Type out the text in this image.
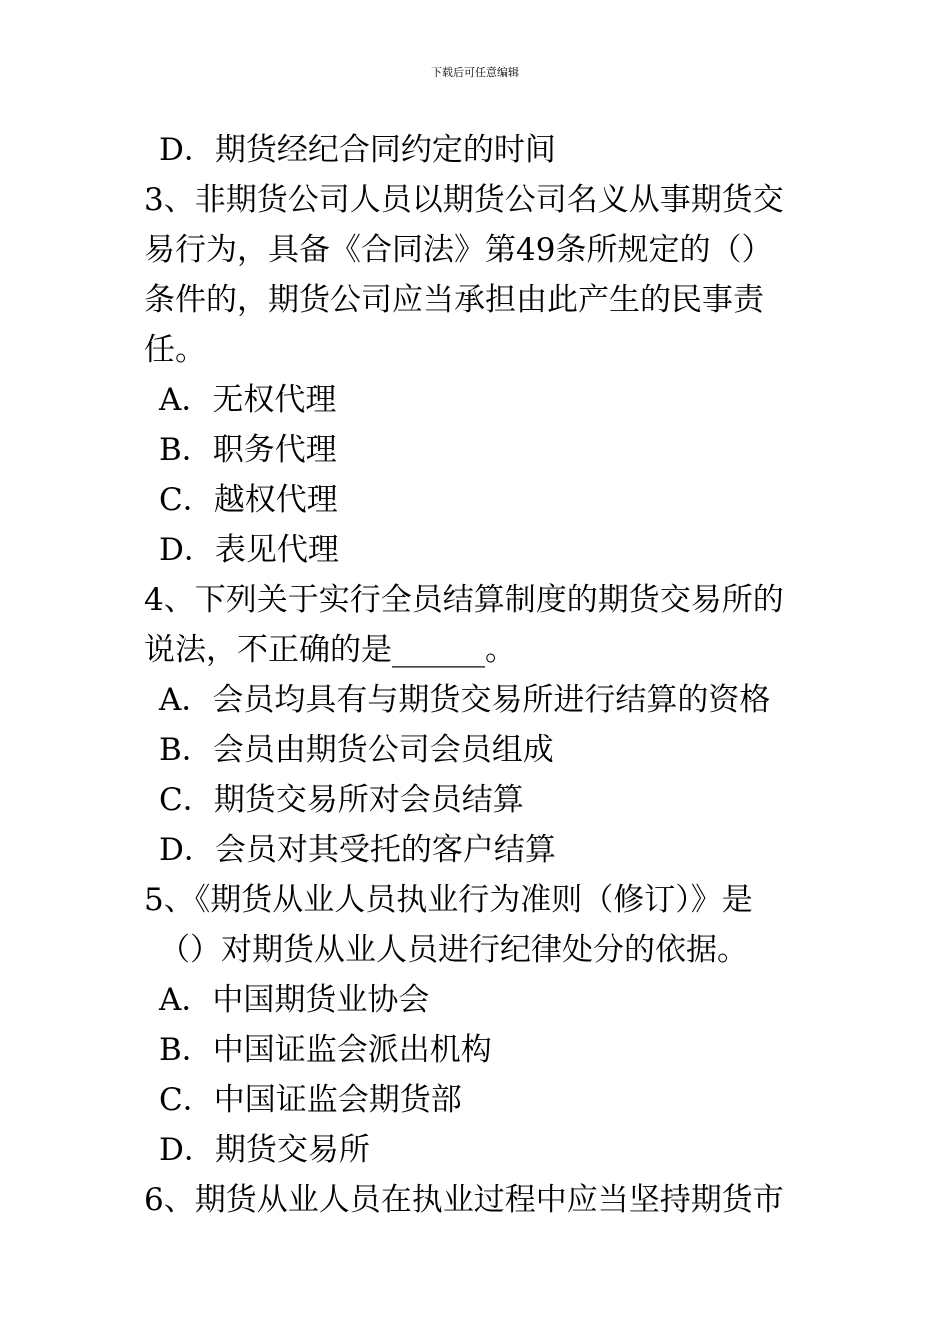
下载后可任意编辑
D．期货经纪合同约定的时间
3、非期货公司人员以期货公司名义从事期货交
易行为，具备《合同法》第49条所规定的（）
条件的，期货公司应当承担由此产生的民事责
任。
A．无权代理
B．职务代理
C．越权代理
D．表见代理
4、下列关于实行全员结算制度的期货交易所的
说法，不正确的是______。
A．会员均具有与期货交易所进行结算的资格
B．会员由期货公司会员组成
C．期货交易所对会员结算
D．会员对其受托的客户结算
5、《期货从业人员执业行为准则（修订）》是
（）对期货从业人员进行纪律处分的依据。
A．中国期货业协会
B．中国证监会派出机构
C．中国证监会期货部
D．期货交易所
6、期货从业人员在执业过程中应当坚持期货市
